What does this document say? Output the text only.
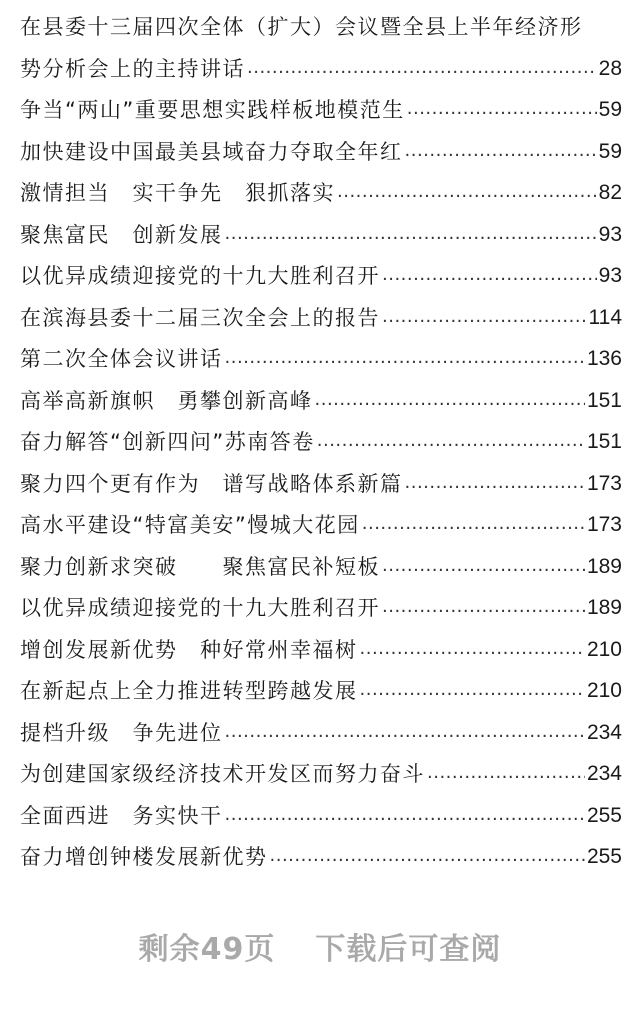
在县委十三届四次全体（扩大）会议暨全县上半年经济形
势分析会上的主持讲话 .....	28
争当“两山”重要思想实践样板地模范生 .....	59
加快建设中国最美县域奋力夺取全年红 .....	59
激情担当　实干争先　狠抓落实 .....	82
聚焦富民　创新发展 .....	93
以优异成绩迎接党的十九大胜利召开 .....	93
在滨海县委十二届三次全会上的报告 .....	114
第二次全体会议讲话 .....	136
高举高新旗帜　勇攀创新高峰 .....	151
奋力解答“创新四问”苏南答卷 .....	151
聚力四个更有作为　谱写战略体系新篇 .....	173
高水平建设“特富美安”慢城大花园 .....	173
聚力创新求突破　　聚焦富民补短板 .....	189
以优异成绩迎接党的十九大胜利召开 .....	189
增创发展新优势　种好常州幸福树 .....	210
在新起点上全力推进转型跨越发展 .....	210
提档升级　争先进位 .....	234
为创建国家级经济技术开发区而努力奋斗 .....	234
全面西进　务实快干 .....	255
奋力增创钟楼发展新优势 .....	255
剩余49页 下载后可查阅
